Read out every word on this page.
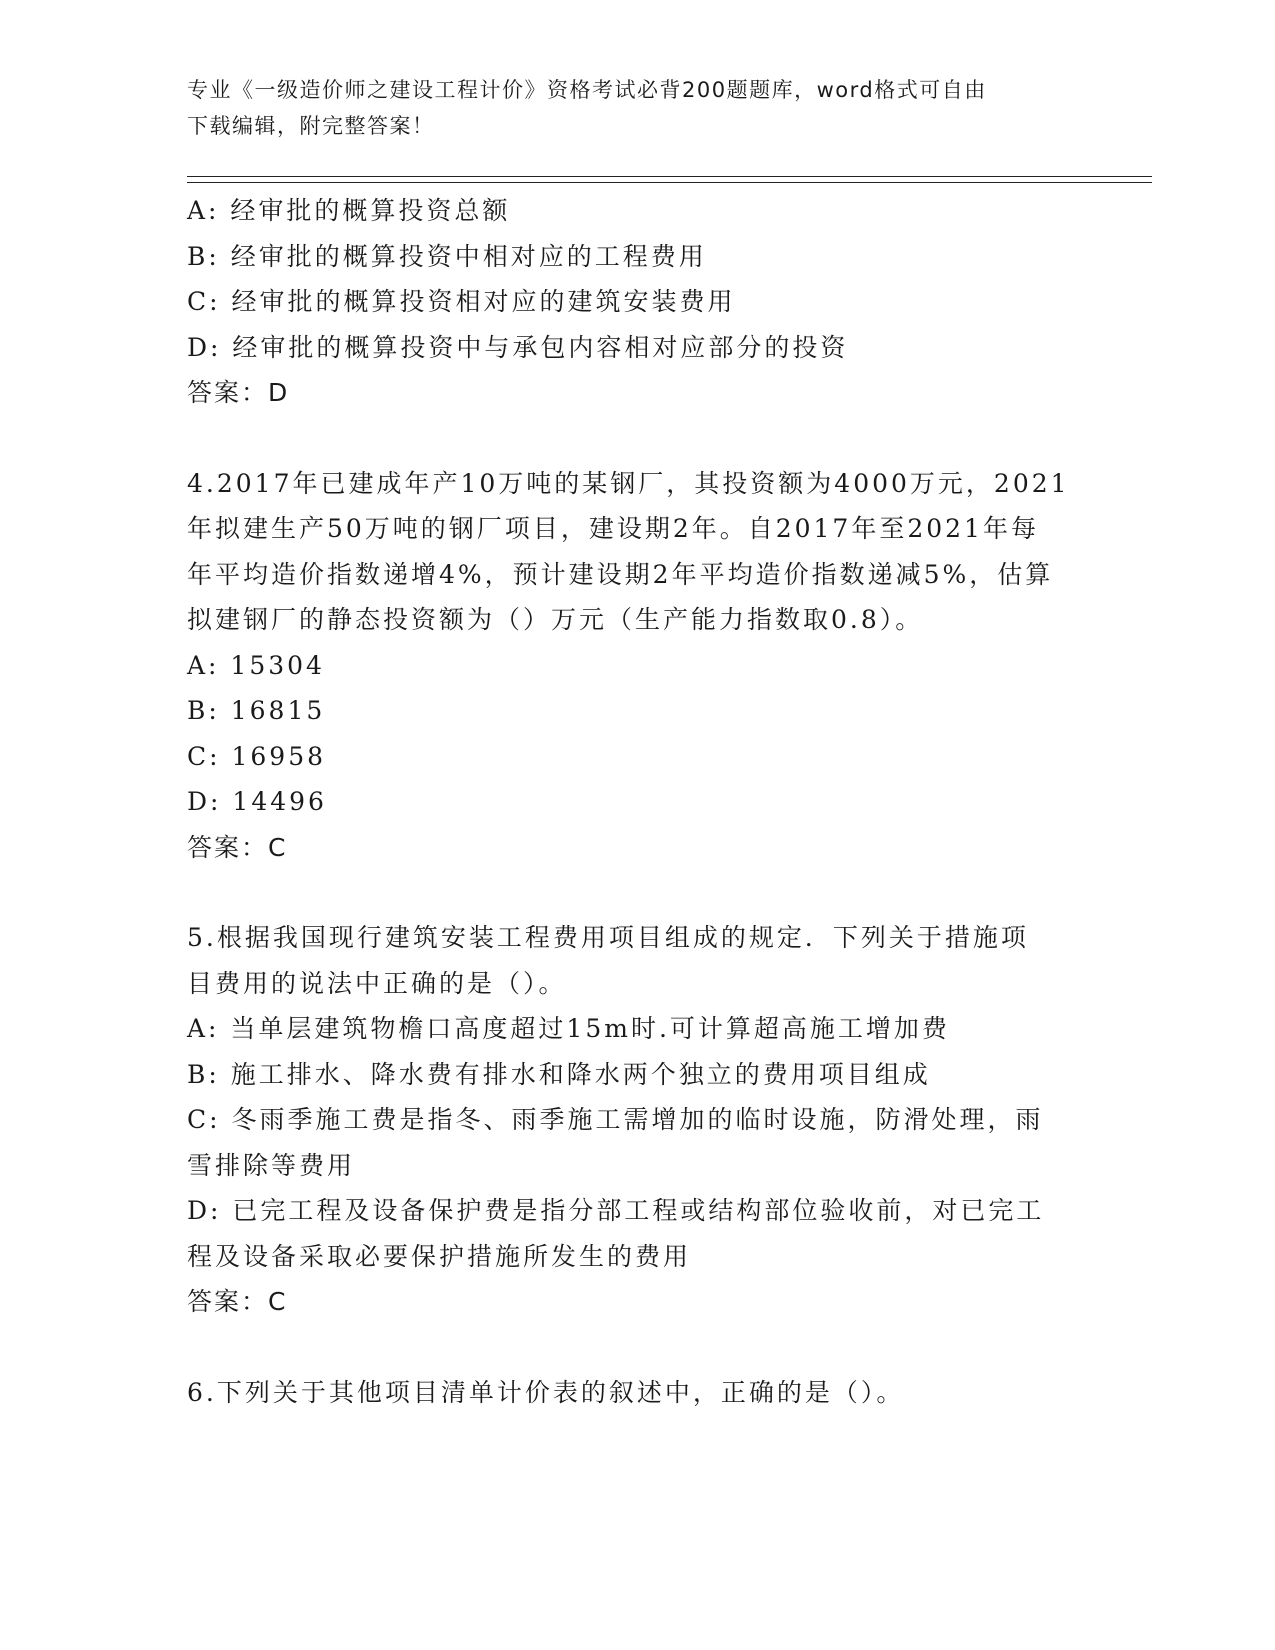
专业《一级造价师之建设工程计价》资格考试必背200题题库，word格式可自由
下载编辑，附完整答案！
A: 经审批的概算投资总额
B: 经审批的概算投资中相对应的工程费用
C: 经审批的概算投资相对应的建筑安装费用
D: 经审批的概算投资中与承包内容相对应部分的投资
答案：D
4.2017年已建成年产10万吨的某钢厂，其投资额为4000万元，2021
年拟建生产50万吨的钢厂项目，建设期2年。自2017年至2021年每
年平均造价指数递增4%，预计建设期2年平均造价指数递减5%，估算
拟建钢厂的静态投资额为（）万元（生产能力指数取0.8）。
A: 15304
B: 16815
C: 16958
D: 14496
答案：C
5.根据我国现行建筑安装工程费用项目组成的规定．下列关于措施项
目费用的说法中正确的是（）。
A: 当单层建筑物檐口高度超过15m时.可计算超高施工增加费
B: 施工排水、降水费有排水和降水两个独立的费用项目组成
C: 冬雨季施工费是指冬、雨季施工需增加的临时设施，防滑处理，雨
雪排除等费用
D: 已完工程及设备保护费是指分部工程或结构部位验收前，对已完工
程及设备采取必要保护措施所发生的费用
答案：C
6.下列关于其他项目清单计价表的叙述中，正确的是（）。
